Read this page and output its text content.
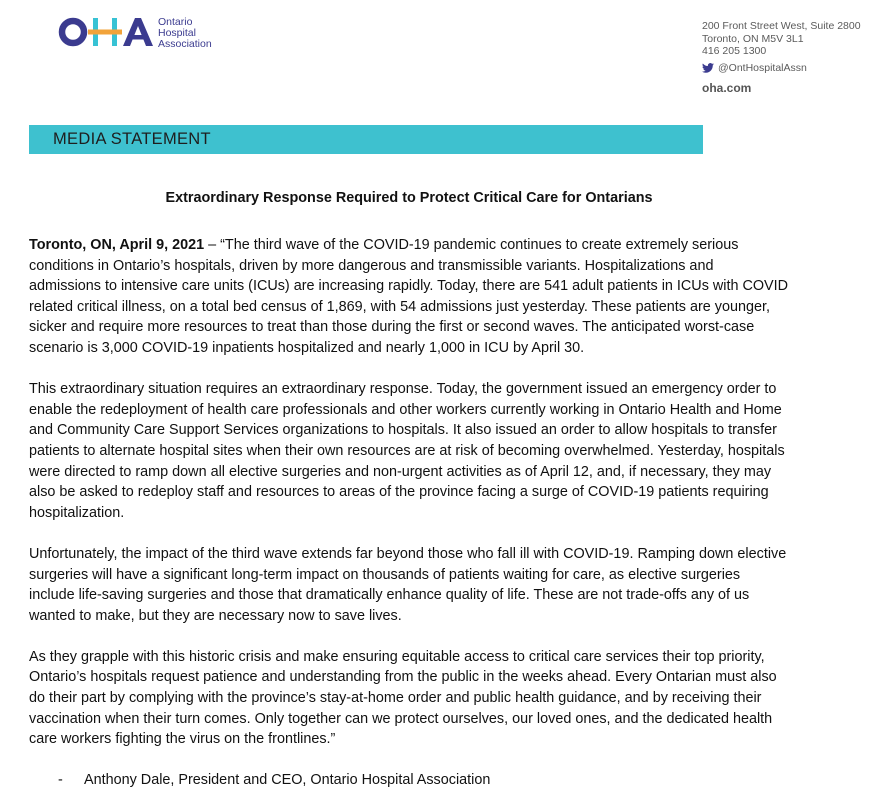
Ontario
Hospital
Association
200 Front Street West, Suite 2800
Toronto, ON M5V 3L1
416 205 1300
@OntHospitalAssn
oha.com
MEDIA STATEMENT
Extraordinary Response Required to Protect Critical Care for Ontarians

Toronto, ON, April 9, 2021 – “The third wave of the COVID-19 pandemic continues to create extremely serious conditions in Ontario’s hospitals, driven by more dangerous and transmissible variants. Hospitalizations and admissions to intensive care units (ICUs) are increasing rapidly. Today, there are 541 adult patients in ICUs with COVID related critical illness, on a total bed census of 1,869, with 54 admissions just yesterday. These patients are younger, sicker and require more resources to treat than those during the first or second waves. The anticipated worst-case scenario is 3,000 COVID-19 inpatients hospitalized and nearly 1,000 in ICU by April 30.

This extraordinary situation requires an extraordinary response. Today, the government issued an emergency order to enable the redeployment of health care professionals and other workers currently working in Ontario Health and Home and Community Care Support Services organizations to hospitals. It also issued an order to allow hospitals to transfer patients to alternate hospital sites when their own resources are at risk of becoming overwhelmed. Yesterday, hospitals were directed to ramp down all elective surgeries and non-urgent activities as of April 12, and, if necessary, they may also be asked to redeploy staff and resources to areas of the province facing a surge of COVID-19 patients requiring hospitalization.

Unfortunately, the impact of the third wave extends far beyond those who fall ill with COVID-19. Ramping down elective surgeries will have a significant long-term impact on thousands of patients waiting for care, as elective surgeries include life-saving surgeries and those that dramatically enhance quality of life. These are not trade-offs any of us wanted to make, but they are necessary now to save lives.

As they grapple with this historic crisis and make ensuring equitable access to critical care services their top priority, Ontario’s hospitals request patience and understanding from the public in the weeks ahead. Every Ontarian must also do their part by complying with the province’s stay-at-home order and public health guidance, and by receiving their vaccination when their turn comes. Only together can we protect ourselves, our loved ones, and the dedicated health care workers fighting the virus on the frontlines.”

-	Anthony Dale, President and CEO, Ontario Hospital Association
